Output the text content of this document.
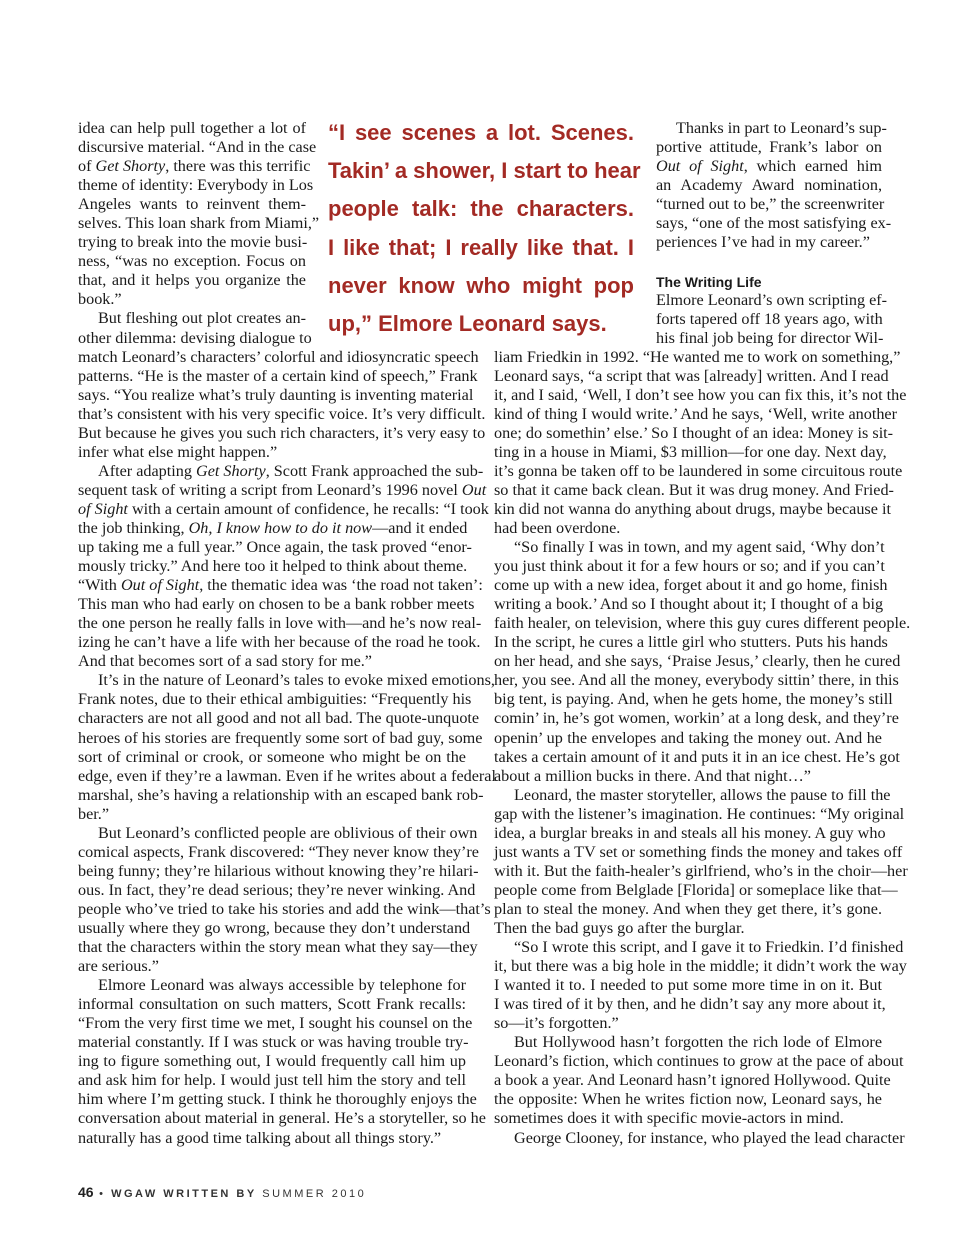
idea can help pull together a lot of
discursive material. “And in the case
of Get Shorty, there was this terrific
theme of identity: Everybody in Los
Angeles wants to reinvent them-
selves. This loan shark from Miami,”
trying to break into the movie busi-
ness, “was no exception. Focus on
that, and it helps you organize the
book.”
But fleshing out plot creates an-
other dilemma: devising dialogue to
“I see scenes a lot. Scenes.
Takin’ a shower, I start to hear
people talk: the characters.
I like that; I really like that. I
never know who might pop
up,” Elmore Leonard says.
match Leonard’s characters’ colorful and idiosyncratic speech
patterns. “He is the master of a certain kind of speech,” Frank
says. “You realize what’s truly daunting is inventing material
that’s consistent with his very specific voice. It’s very difficult.
But because he gives you such rich characters, it’s very easy to
infer what else might happen.”
After adapting Get Shorty, Scott Frank approached the sub-
sequent task of writing a script from Leonard’s 1996 novel Out
of Sight with a certain amount of confidence, he recalls: “I took
the job thinking, Oh, I know how to do it now—and it ended
up taking me a full year.” Once again, the task proved “enor-
mously tricky.” And here too it helped to think about theme.
“With Out of Sight, the thematic idea was ‘the road not taken’:
This man who had early on chosen to be a bank robber meets
the one person he really falls in love with—and he’s now real-
izing he can’t have a life with her because of the road he took.
And that becomes sort of a sad story for me.”
It’s in the nature of Leonard’s tales to evoke mixed emotions,
Frank notes, due to their ethical ambiguities: “Frequently his
characters are not all good and not all bad. The quote-unquote
heroes of his stories are frequently some sort of bad guy, some
sort of criminal or crook, or someone who might be on the
edge, even if they’re a lawman. Even if he writes about a federal
marshal, she’s having a relationship with an escaped bank rob-
ber.”
But Leonard’s conflicted people are oblivious of their own
comical aspects, Frank discovered: “They never know they’re
being funny; they’re hilarious without knowing they’re hilari-
ous. In fact, they’re dead serious; they’re never winking. And
people who’ve tried to take his stories and add the wink—that’s
usually where they go wrong, because they don’t understand
that the characters within the story mean what they say—they
are serious.”
Elmore Leonard was always accessible by telephone for
informal consultation on such matters, Scott Frank recalls:
“From the very first time we met, I sought his counsel on the
material constantly. If I was stuck or was having trouble try-
ing to figure something out, I would frequently call him up
and ask him for help. I would just tell him the story and tell
him where I’m getting stuck. I think he thoroughly enjoys the
conversation about material in general. He’s a storyteller, so he
naturally has a good time talking about all things story.”
Thanks in part to Leonard’s sup-
portive attitude, Frank’s labor on
Out of Sight, which earned him
an Academy Award nomination,
“turned out to be,” the screenwriter
says, “one of the most satisfying ex-
periences I’ve had in my career.”
The Writing Life
Elmore Leonard’s own scripting ef-
forts tapered off 18 years ago, with
his final job being for director Wil-
liam Friedkin in 1992. “He wanted me to work on something,”
Leonard says, “a script that was [already] written. And I read
it, and I said, ‘Well, I don’t see how you can fix this, it’s not the
kind of thing I would write.’ And he says, ‘Well, write another
one; do somethin’ else.’ So I thought of an idea: Money is sit-
ting in a house in Miami, $3 million—for one day. Next day,
it’s gonna be taken off to be laundered in some circuitous route
so that it came back clean. But it was drug money. And Fried-
kin did not wanna do anything about drugs, maybe because it
had been overdone.
“So finally I was in town, and my agent said, ‘Why don’t
you just think about it for a few hours or so; and if you can’t
come up with a new idea, forget about it and go home, finish
writing a book.’ And so I thought about it; I thought of a big
faith healer, on television, where this guy cures different people.
In the script, he cures a little girl who stutters. Puts his hands
on her head, and she says, ‘Praise Jesus,’ clearly, then he cured
her, you see. And all the money, everybody sittin’ there, in this
big tent, is paying. And, when he gets home, the money’s still
comin’ in, he’s got women, workin’ at a long desk, and they’re
openin’ up the envelopes and taking the money out. And he
takes a certain amount of it and puts it in an ice chest. He’s got
about a million bucks in there. And that night…”
Leonard, the master storyteller, allows the pause to fill the
gap with the listener’s imagination. He continues: “My original
idea, a burglar breaks in and steals all his money. A guy who
just wants a TV set or something finds the money and takes off
with it. But the faith-healer’s girlfriend, who’s in the choir—her
people come from Belglade [Florida] or someplace like that—
plan to steal the money. And when they get there, it’s gone.
Then the bad guys go after the burglar.
“So I wrote this script, and I gave it to Friedkin. I’d finished
it, but there was a big hole in the middle; it didn’t work the way
I wanted it to. I needed to put some more time in on it. But
I was tired of it by then, and he didn’t say any more about it,
so—it’s forgotten.”
But Hollywood hasn’t forgotten the rich lode of Elmore
Leonard’s fiction, which continues to grow at the pace of about
a book a year. And Leonard hasn’t ignored Hollywood. Quite
the opposite: When he writes fiction now, Leonard says, he
sometimes does it with specific movie-actors in mind.
George Clooney, for instance, who played the lead character
46 • WGAW WRITTEN BY SUMMER 2010
